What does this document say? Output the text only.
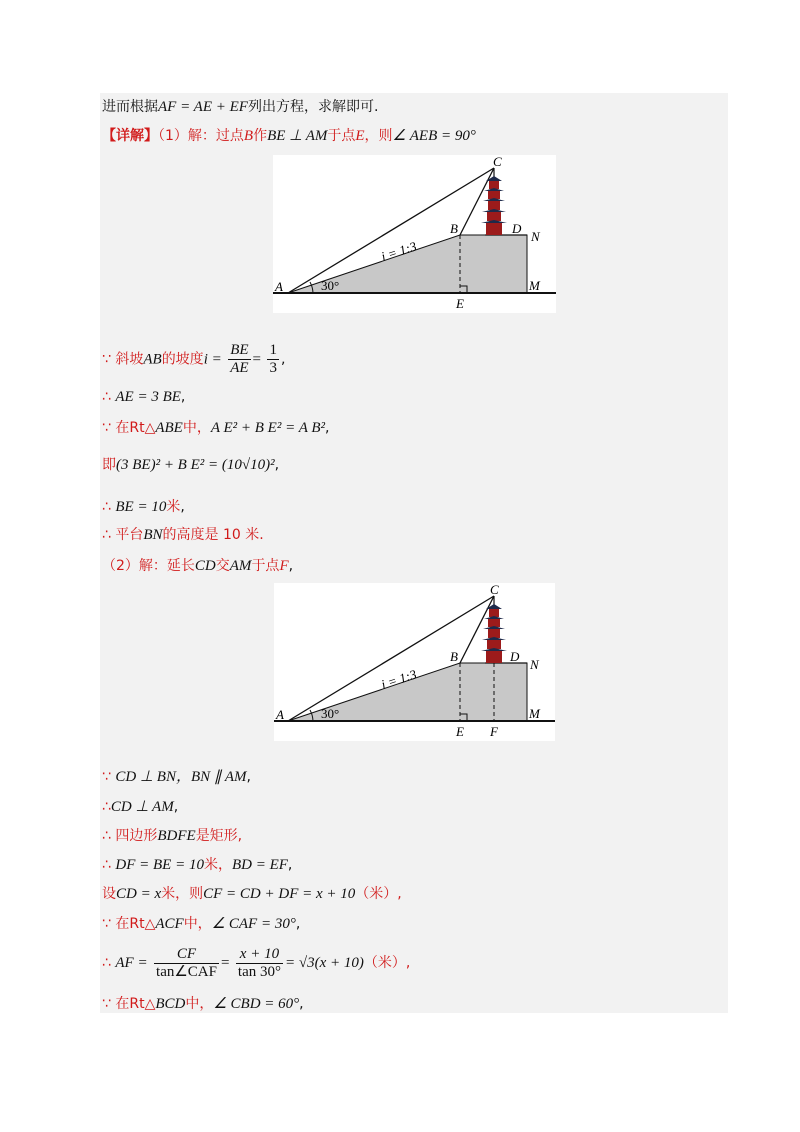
进而根据AF = AE + EF列出方程，求解即可.
【详解】（1）解：过点B作BE ⊥ AM于点E，则∠ AEB = 90°
C
B 60° D
N
A	30°
E
M
i = 1:3
∵ 斜坡AB的坡度$i = \frac{BE}{AE} = \frac{1}{3}$ ,
∴ AE = 3 BE,
∵ 在Rt△ABE中，A E² + B E² = A B²,
即(3 BE)² + B E² = (10√10)²,
∴ BE = 10米,
∴ 平台BN的高度是 10 米.
（2）解：延长CD交AM于点F,
C
B 60° D
N
A	30°
E F
M
i = 1:3
∵ CD ⊥ BN，BN ∥ AM,
∴CD ⊥ AM,
∴ 四边形BDFE是矩形,
∴ DF = BE = 10米，BD = EF,
设CD = x米，则CF = CD + DF = x + 10（米）,
∵ 在Rt△ACF中，∠ CAF = 30°,
∴ AF = $\frac{CF}{\text{tan∠CAF}} = \frac{x + 10}{\tan 30^\circ} = √3(x + 10)$（米）,
∵ 在Rt△BCD中，∠ CBD = 60°,
